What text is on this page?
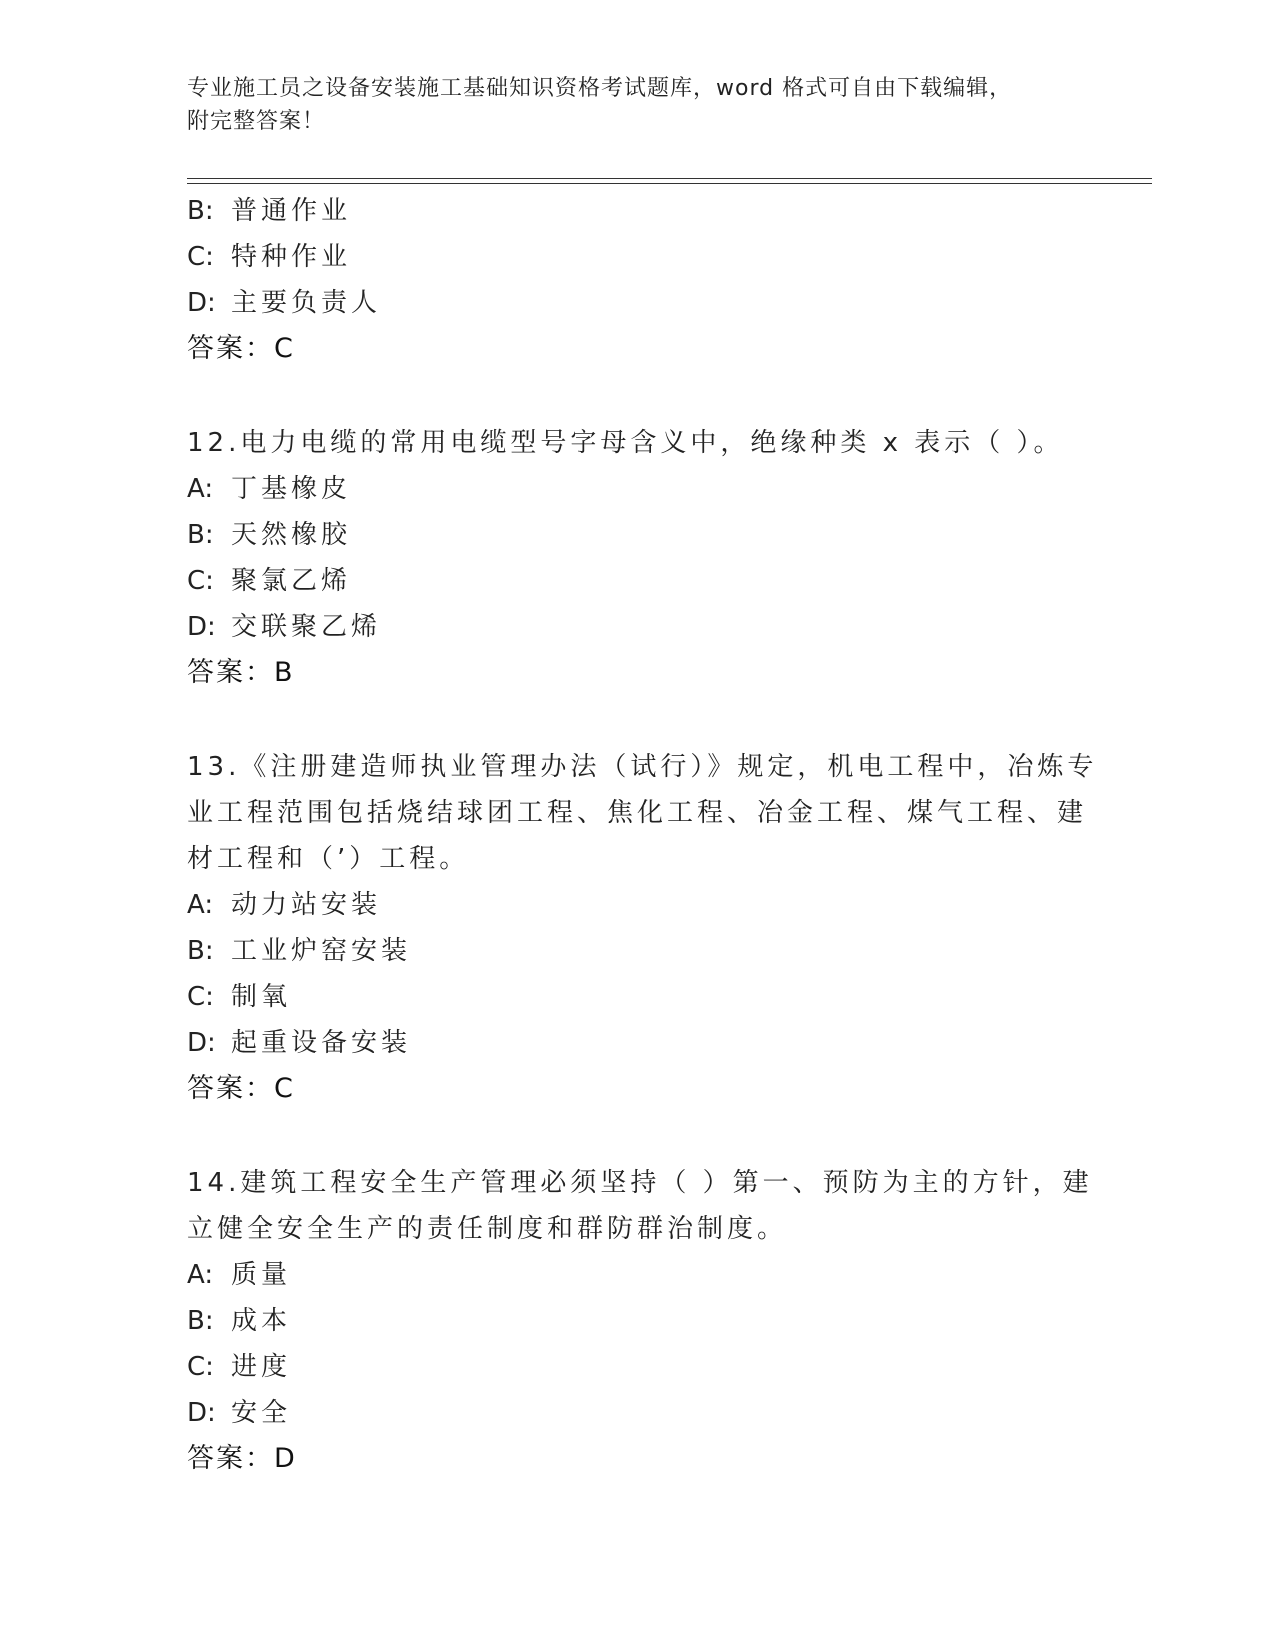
专业施工员之设备安装施工基础知识资格考试题库，word 格式可自由下载编辑，
附完整答案！
B: 普通作业
C: 特种作业
D: 主要负责人
答案：C
12.电力电缆的常用电缆型号字母含义中，绝缘种类 x 表示（ ）。
A: 丁基橡皮
B: 天然橡胶
C: 聚氯乙烯
D: 交联聚乙烯
答案：B
13.《注册建造师执业管理办法（试行）》规定，机电工程中，冶炼专
业工程范围包括烧结球团工程、焦化工程、冶金工程、煤气工程、建
材工程和（’）工程。
A: 动力站安装
B: 工业炉窑安装
C: 制氧
D: 起重设备安装
答案：C
14.建筑工程安全生产管理必须坚持（ ）第一、预防为主的方针，建
立健全安全生产的责任制度和群防群治制度。
A: 质量
B: 成本
C: 进度
D: 安全
答案：D
